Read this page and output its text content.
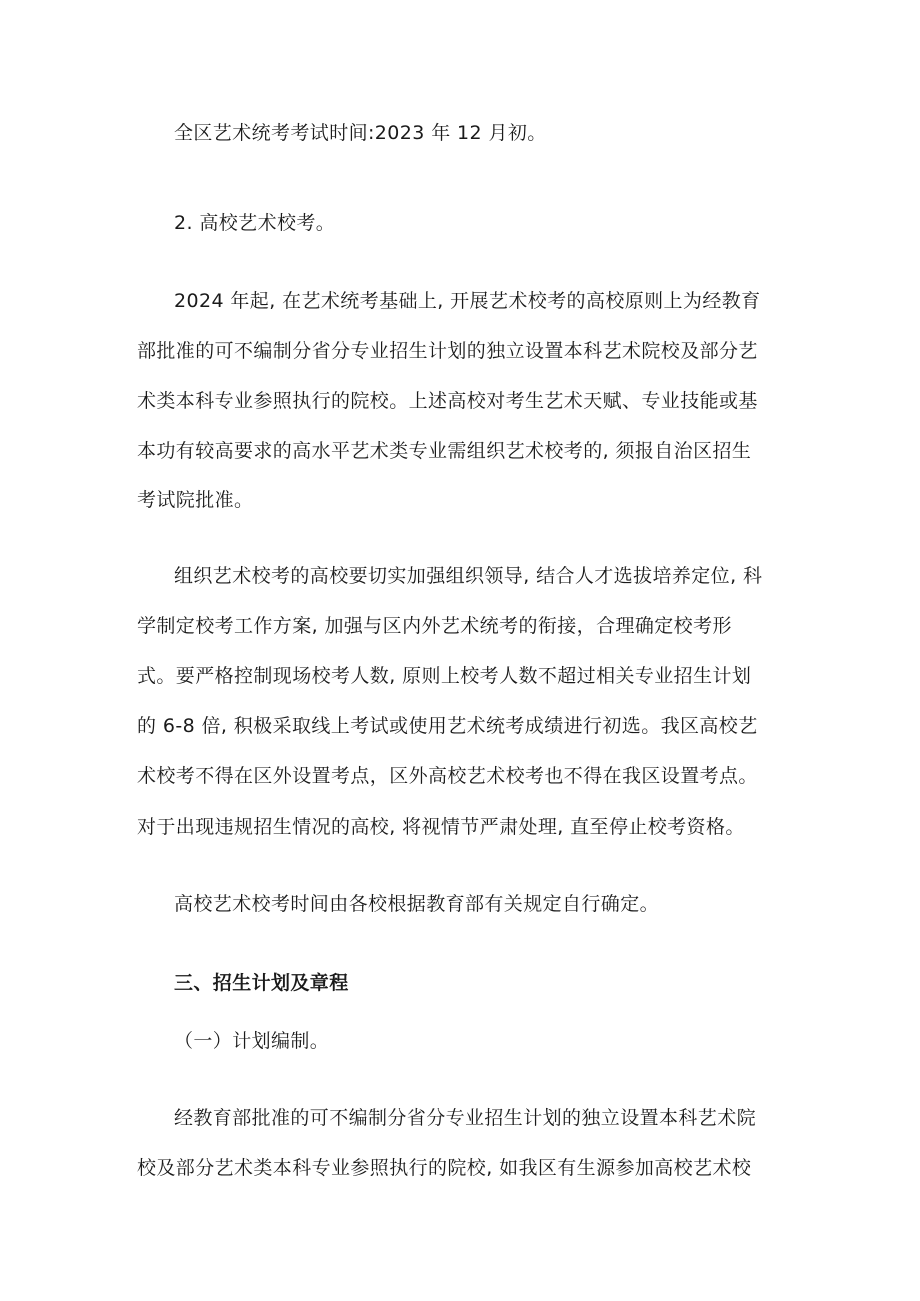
全区艺术统考考试时间:2023 年 12 月初。
2. 高校艺术校考。
2024 年起, 在艺术统考基础上, 开展艺术校考的高校原则上为经教育
部批准的可不编制分省分专业招生计划的独立设置本科艺术院校及部分艺
术类本科专业参照执行的院校。上述高校对考生艺术天赋、专业技能或基
本功有较高要求的高水平艺术类专业需组织艺术校考的, 须报自治区招生
考试院批准。
组织艺术校考的高校要切实加强组织领导, 结合人才选拔培养定位, 科
学制定校考工作方案, 加强与区内外艺术统考的衔接，合理确定校考形
式。要严格控制现场校考人数, 原则上校考人数不超过相关专业招生计划
的 6-8 倍, 积极采取线上考试或使用艺术统考成绩进行初选。我区高校艺
术校考不得在区外设置考点，区外高校艺术校考也不得在我区设置考点。
对于出现违规招生情况的高校, 将视情节严肃处理, 直至停止校考资格。
高校艺术校考时间由各校根据教育部有关规定自行确定。
三、招生计划及章程
（一）计划编制。
经教育部批准的可不编制分省分专业招生计划的独立设置本科艺术院
校及部分艺术类本科专业参照执行的院校, 如我区有生源参加高校艺术校
